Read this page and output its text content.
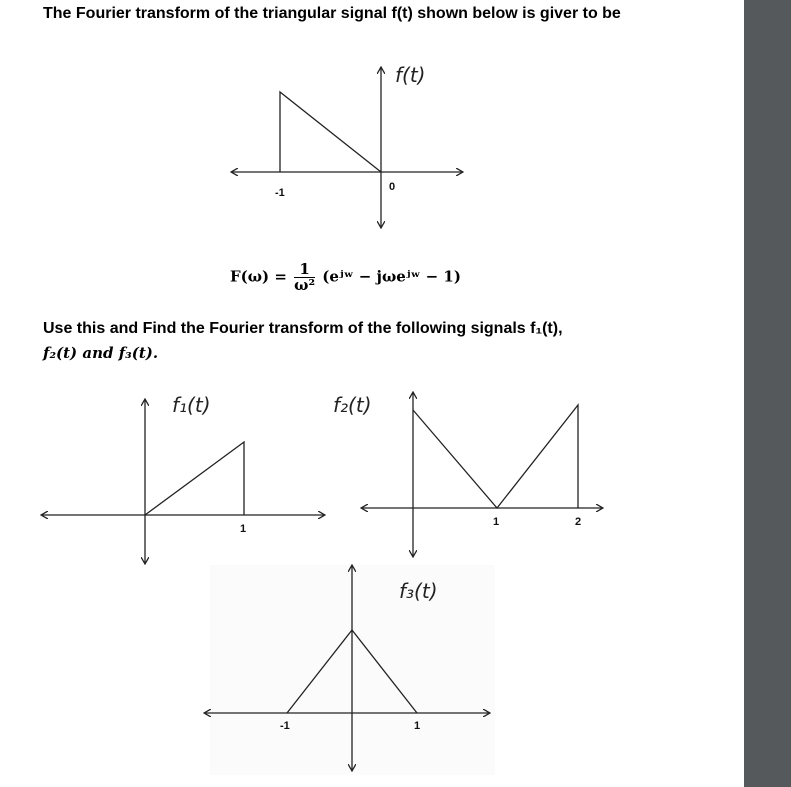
The Fourier transform of the triangular signal f(t) shown below is giver to be
$F(\omega) = \frac{1}{\text{ω²}}$ (eʲʷ − jωeʲʷ − 1)
Use this and Find the Fourier transform of the following signals f₁(t),
f₂(t) and f₃(t).
f(t)
-1	0
f₁(t)
1
f₂(t)
1	2
f₃(t)
-1	1
